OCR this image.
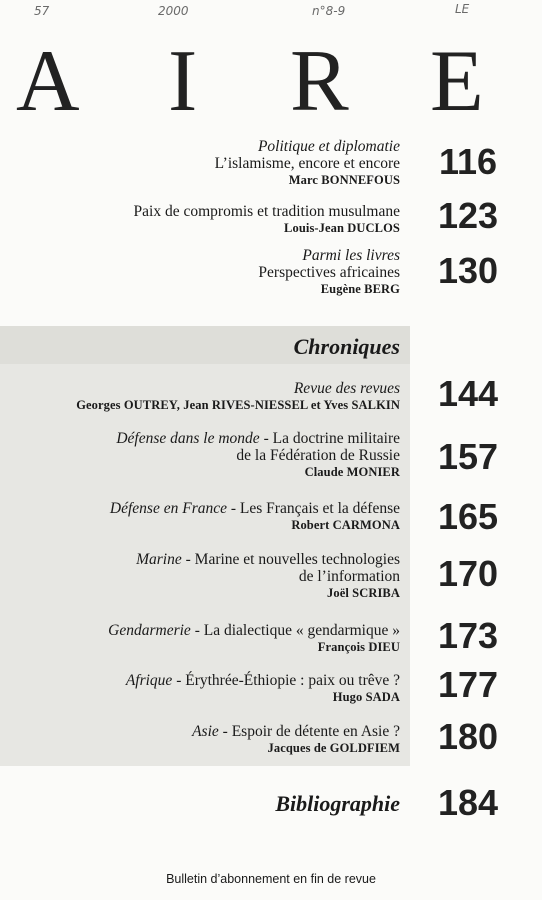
57	2000	n°8-9	LE
A I R E
Politique et diplomatie
L’islamisme, encore et encore
Marc BONNEFOUS	116
Paix de compromis et tradition musulmane
Louis-Jean DUCLOS	123
Parmi les livres
Perspectives africaines
Eugène BERG	130
Chroniques
Revue des revues
Georges OUTREY, Jean RIVES-NIESSEL et Yves SALKIN	144
Défense dans le monde - La doctrine militaire
de la Fédération de Russie
Claude MONIER	157
Défense en France - Les Français et la défense
Robert CARMONA	165
Marine - Marine et nouvelles technologies
de l’information
Joël SCRIBA	170
Gendarmerie - La dialectique « gendarmique »
François DIEU	173
Afrique - Érythrée-Éthiopie : paix ou trêve ?
Hugo SADA	177
Asie - Espoir de détente en Asie ?
Jacques de GOLDFIEM	180
Bibliographie	184
Bulletin d’abonnement en fin de revue
